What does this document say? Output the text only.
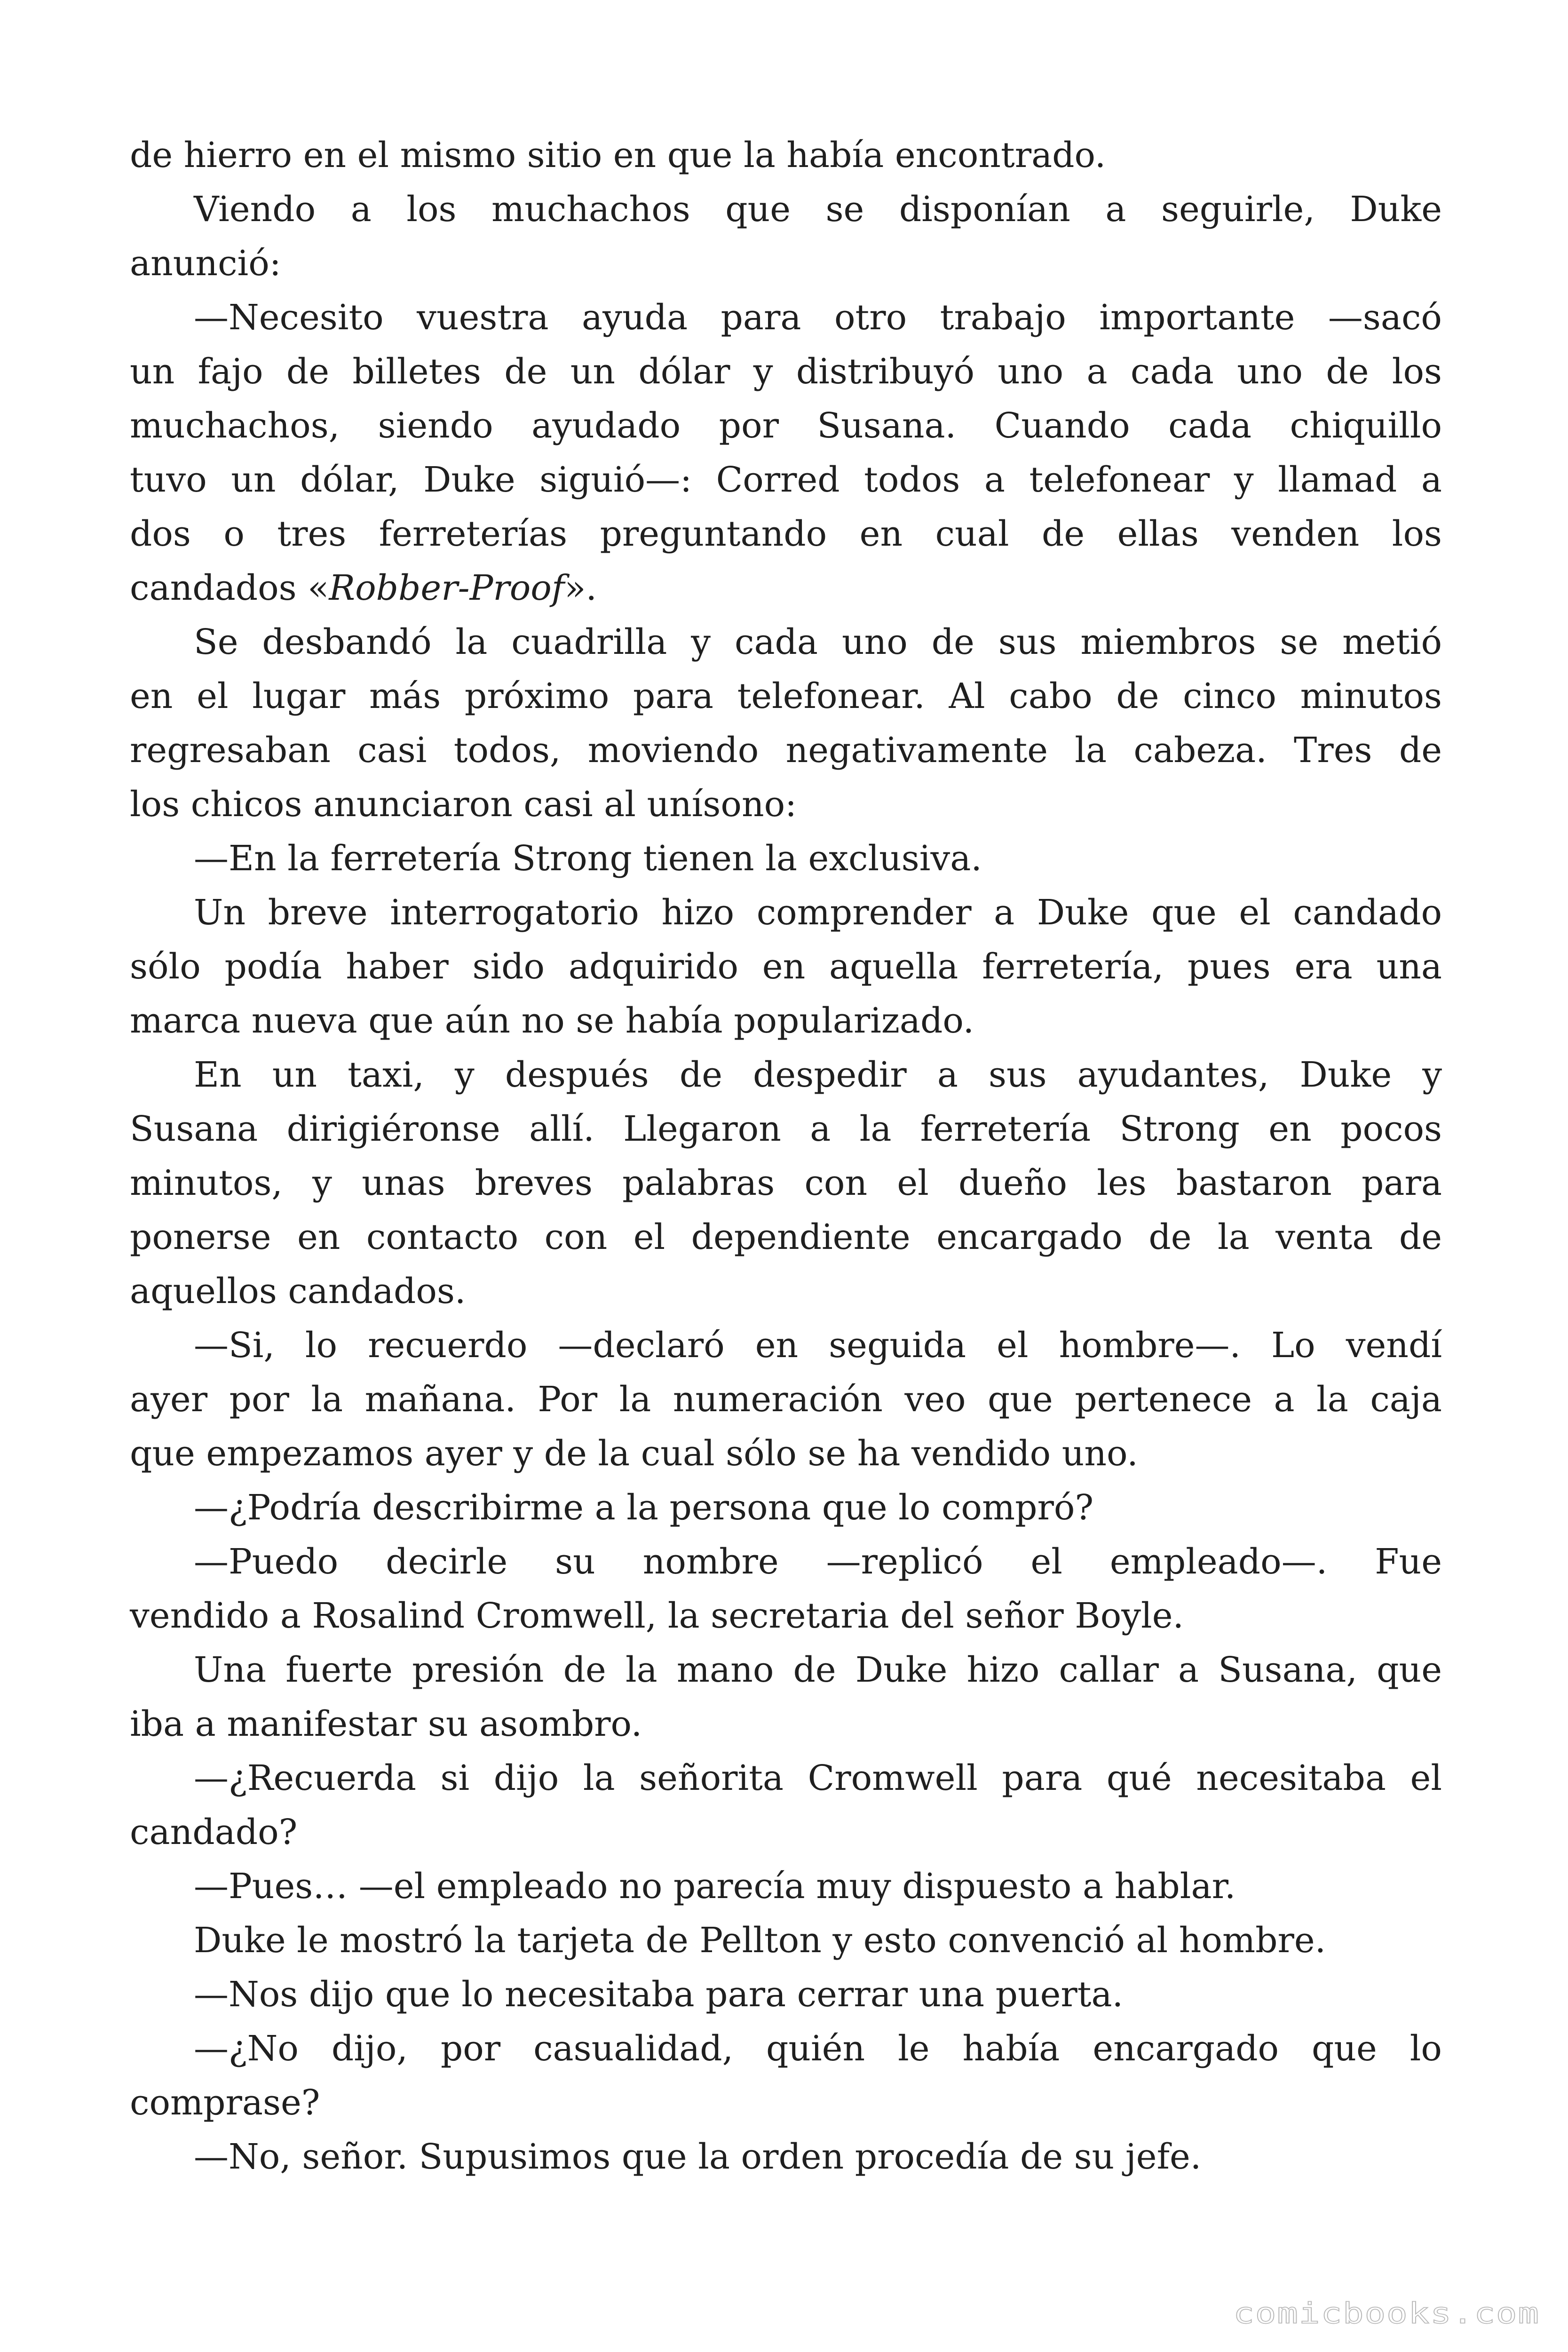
de hierro en el mismo sitio en que la había encontrado.

Viendo a los muchachos que se disponían a seguirle, Duke

anunció:

—Necesito vuestra ayuda para otro trabajo importante —sacó

un fajo de billetes de un dólar y distribuyó uno a cada uno de los

muchachos, siendo ayudado por Susana. Cuando cada chiquillo

tuvo un dólar, Duke siguió—: Corred todos a telefonear y llamad a

dos o tres ferreterías preguntando en cual de ellas venden los

candados «Robber-Proof».

Se desbandó la cuadrilla y cada uno de sus miembros se metió

en el lugar más próximo para telefonear. Al cabo de cinco minutos

regresaban casi todos, moviendo negativamente la cabeza. Tres de

los chicos anunciaron casi al unísono:

—En la ferretería Strong tienen la exclusiva.

Un breve interrogatorio hizo comprender a Duke que el candado

sólo podía haber sido adquirido en aquella ferretería, pues era una

marca nueva que aún no se había popularizado.

En un taxi, y después de despedir a sus ayudantes, Duke y

Susana dirigiéronse allí. Llegaron a la ferretería Strong en pocos

minutos, y unas breves palabras con el dueño les bastaron para

ponerse en contacto con el dependiente encargado de la venta de

aquellos candados.

—Si, lo recuerdo —declaró en seguida el hombre—. Lo vendí

ayer por la mañana. Por la numeración veo que pertenece a la caja

que empezamos ayer y de la cual sólo se ha vendido uno.

—¿Podría describirme a la persona que lo compró?

—Puedo decirle su nombre —replicó el empleado—. Fue

vendido a Rosalind Cromwell, la secretaria del señor Boyle.

Una fuerte presión de la mano de Duke hizo callar a Susana, que

iba a manifestar su asombro.

—¿Recuerda si dijo la señorita Cromwell para qué necesitaba el

candado?

—Pues… —el empleado no parecía muy dispuesto a hablar.

Duke le mostró la tarjeta de Pellton y esto convenció al hombre.

—Nos dijo que lo necesitaba para cerrar una puerta.

—¿No dijo, por casualidad, quién le había encargado que lo

comprase?

—No, señor. Supusimos que la orden procedía de su jefe.

comicbooks.com
